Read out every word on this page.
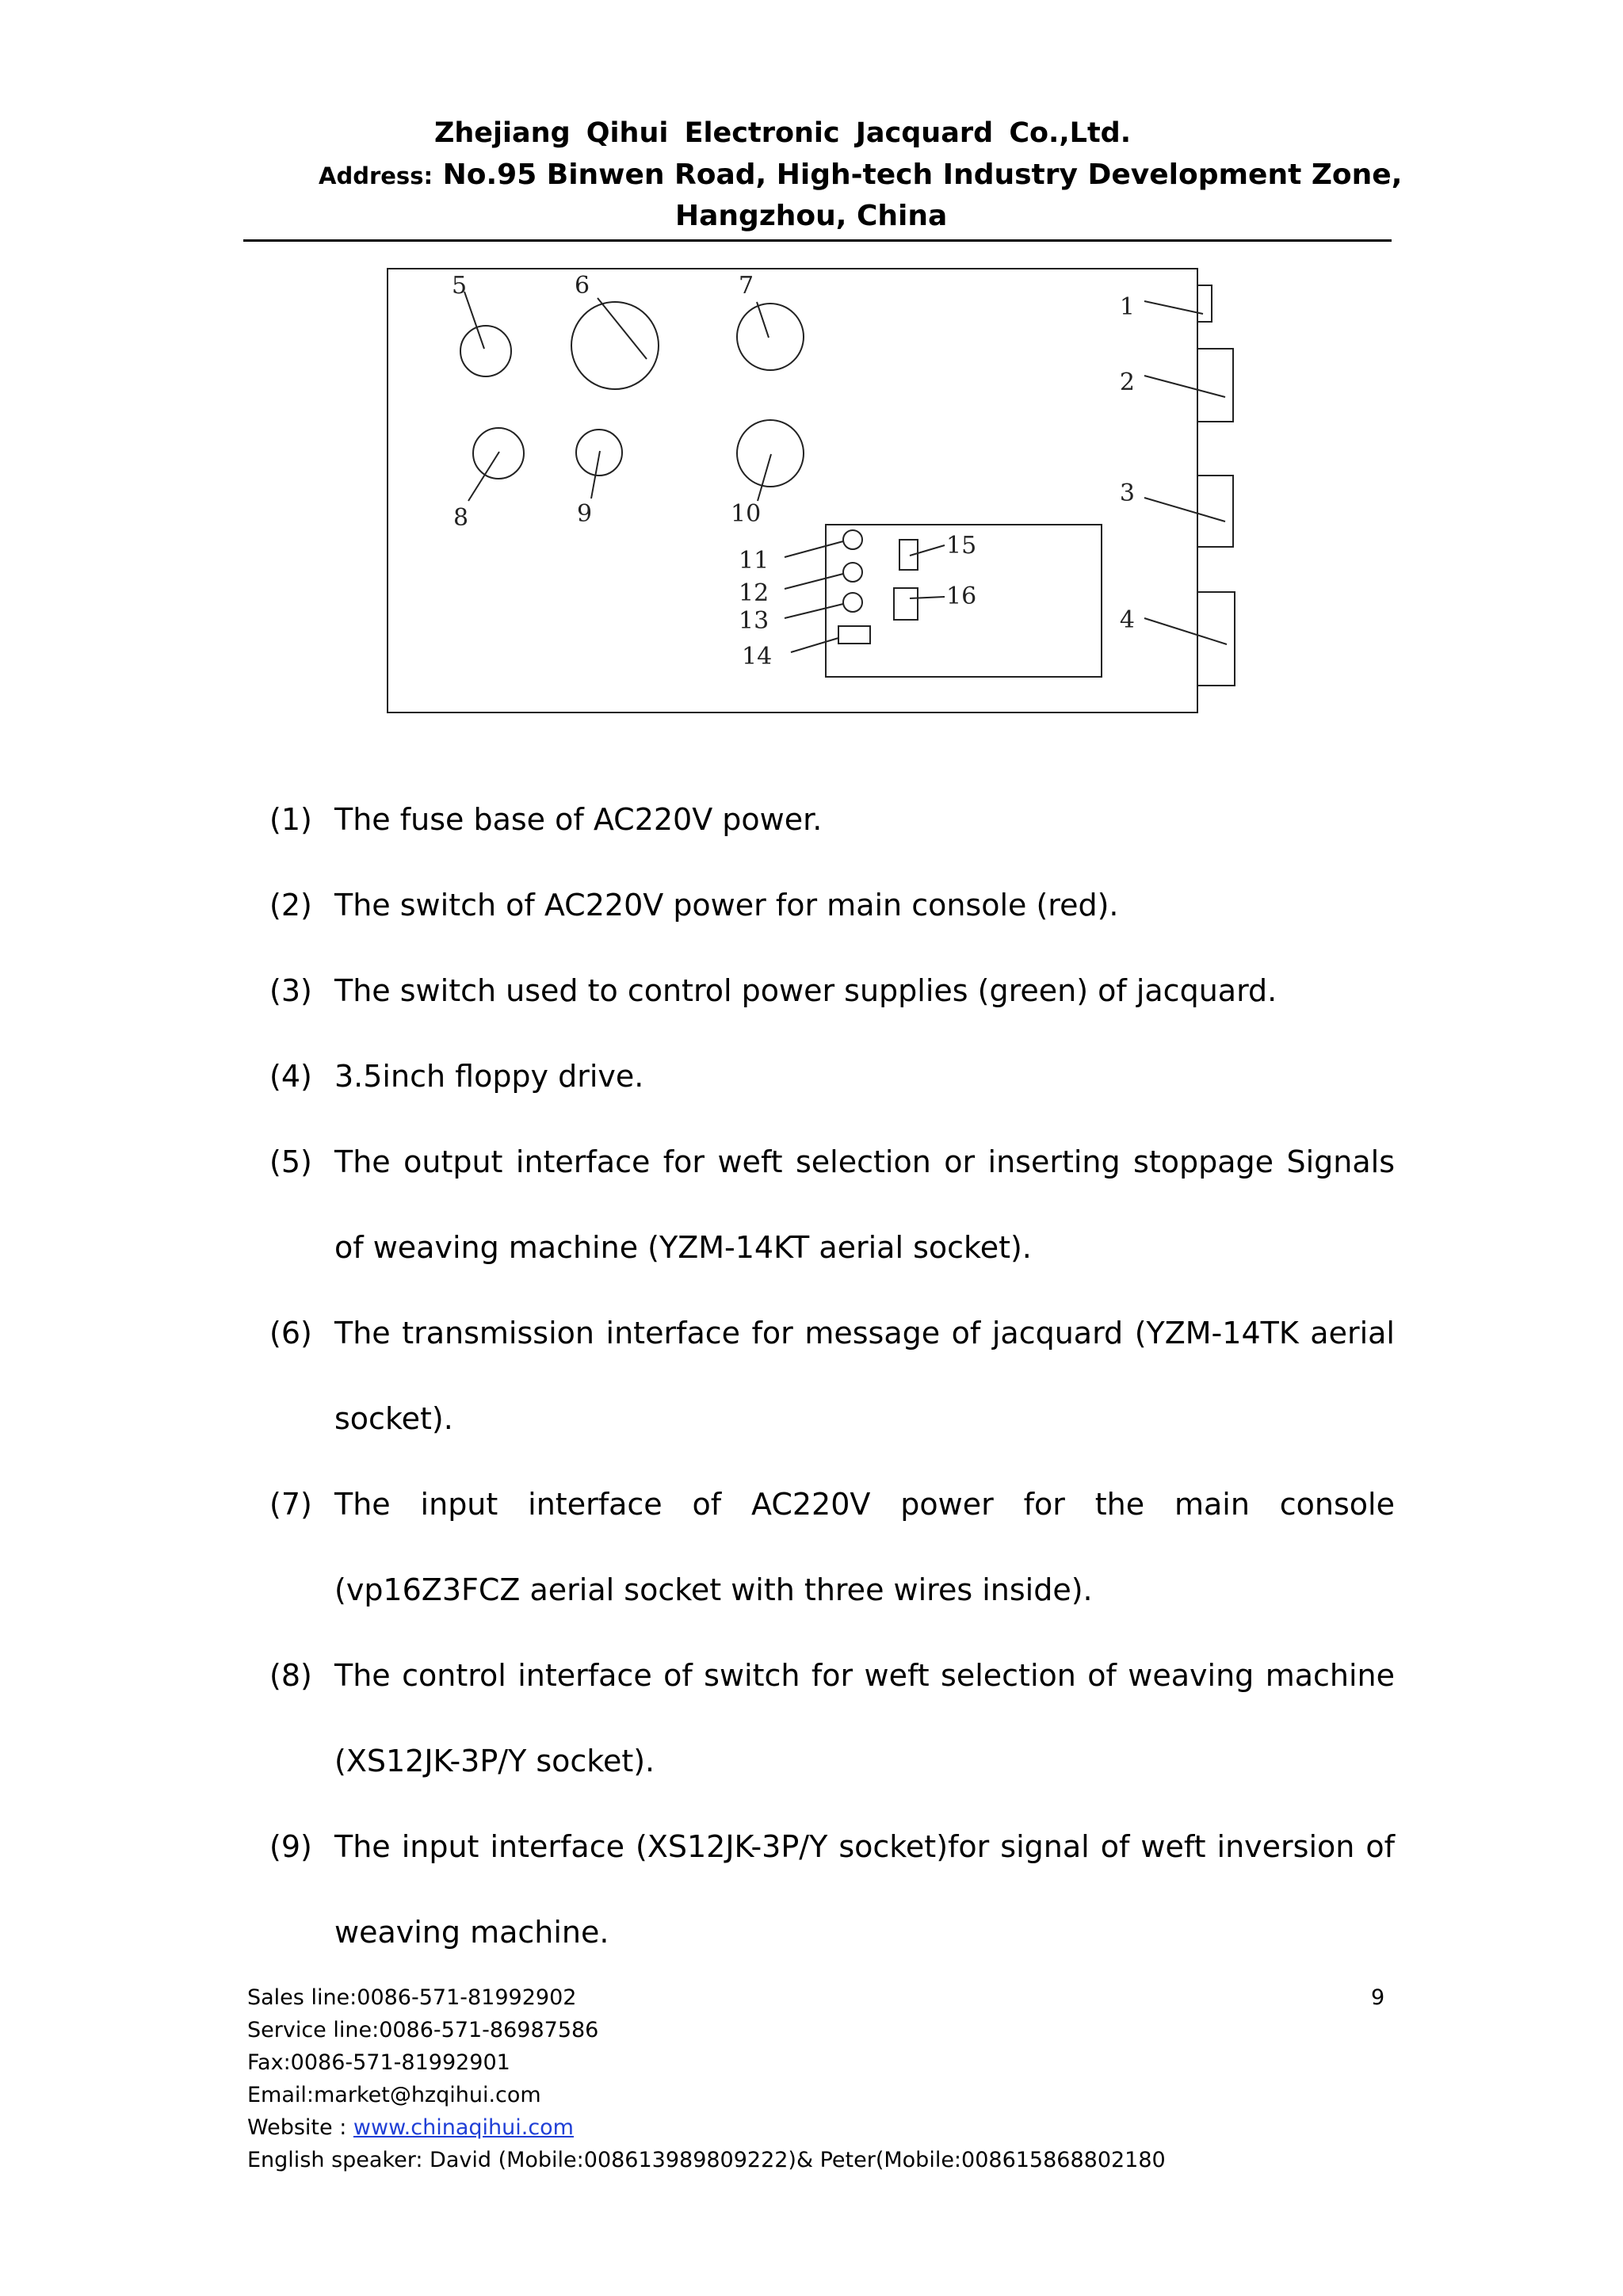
Zhejiang Qihui Electronic Jacquard Co.,Ltd.
Address: No.95 Binwen Road, High-tech Industry Development Zone,
Hangzhou, China
1
2
3
4
5	6	7
8	9	10
11
12
13
14
15
16
(1) The fuse base of AC220V power.
(2) The switch of AC220V power for main console (red).
(3) The switch used to control power supplies (green) of jacquard.
(4) 3.5inch floppy drive.
(5) The output interface for weft selection or inserting stoppage Signals of weaving machine (YZM-14KT aerial socket).
(6) The transmission interface for message of jacquard (YZM-14TK aerial socket).
(7) The input interface of AC220V power for the main console (vp16Z3FCZ aerial socket with three wires inside).
(8) The control interface of switch for weft selection of weaving machine (XS12JK-3P/Y socket).
(9) The input interface (XS12JK-3P/Y socket)for signal of weft inversion of weaving machine.
Sales line:0086-571-81992902
Service line:0086-571-86987586
Fax:0086-571-81992901
Email:market@hzqihui.com
Website : www.chinaqihui.com
English speaker: David (Mobile:008613989809222)& Peter(Mobile:008615868802180
9
